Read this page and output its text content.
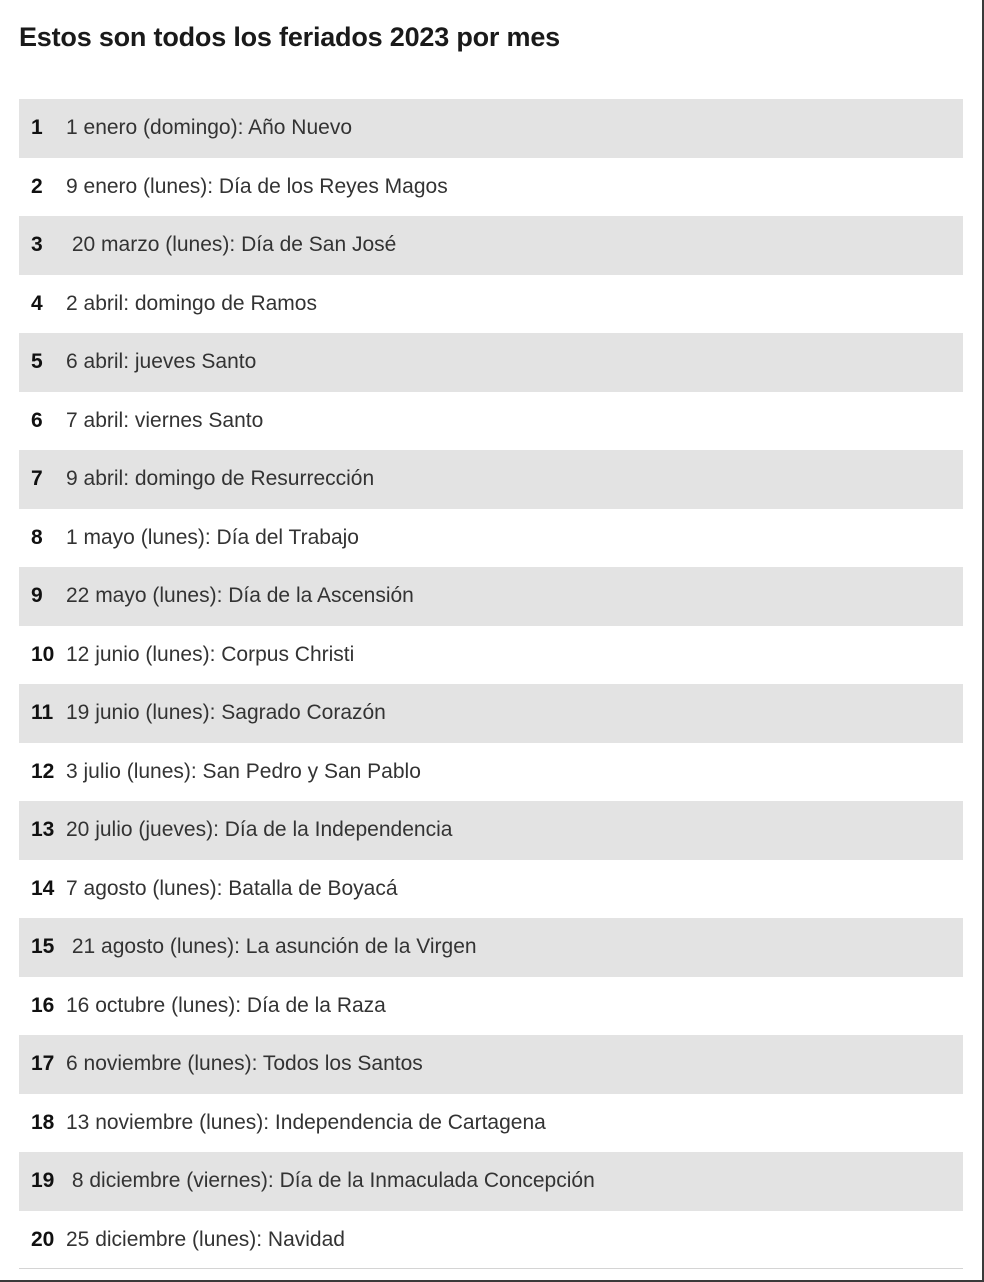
Estos son todos los feriados 2023 por mes
1	1 enero (domingo): Año Nuevo
2	9 enero (lunes): Día de los Reyes Magos
3	20 marzo (lunes): Día de San José
4	2 abril: domingo de Ramos
5	6 abril: jueves Santo
6	7 abril: viernes Santo
7	9 abril: domingo de Resurrección
8	1 mayo (lunes): Día del Trabajo
9	22 mayo (lunes): Día de la Ascensión
10 12 junio (lunes): Corpus Christi
11 19 junio (lunes): Sagrado Corazón
12 3 julio (lunes): San Pedro y San Pablo
13 20 julio (jueves): Día de la Independencia
14 7 agosto (lunes): Batalla de Boyacá
15 21 agosto (lunes): La asunción de la Virgen
16 16 octubre (lunes): Día de la Raza
17 6 noviembre (lunes): Todos los Santos
18 13 noviembre (lunes): Independencia de Cartagena
19 8 diciembre (viernes): Día de la Inmaculada Concepción
20 25 diciembre (lunes): Navidad
